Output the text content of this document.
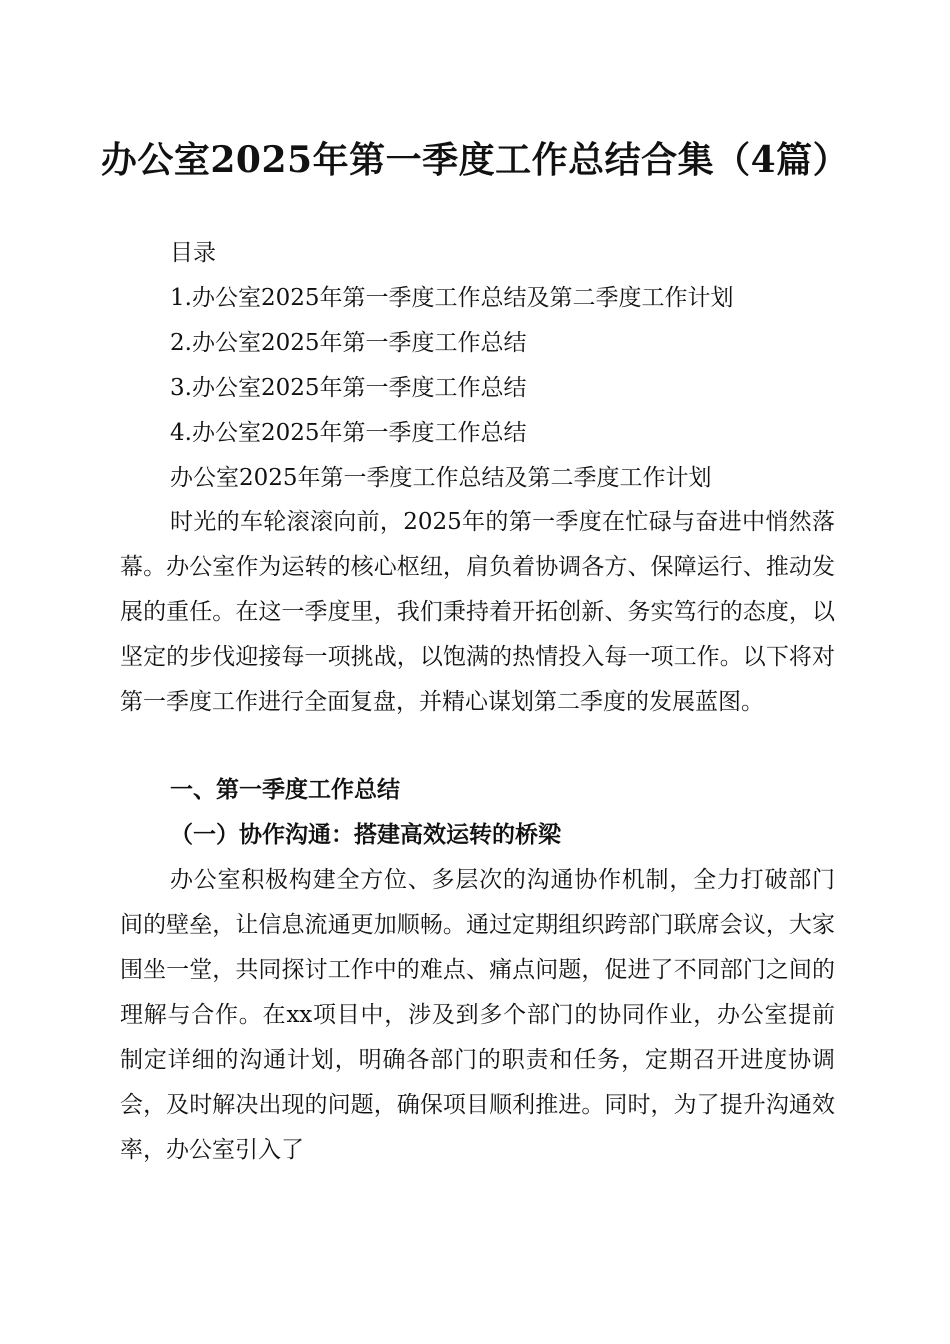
办公室2025年第一季度工作总结合集（4篇）
目录
1.办公室2025年第一季度工作总结及第二季度工作计划
2.办公室2025年第一季度工作总结
3.办公室2025年第一季度工作总结
4.办公室2025年第一季度工作总结
办公室2025年第一季度工作总结及第二季度工作计划
时光的车轮滚滚向前，2025年的第一季度在忙碌与奋进中悄然落幕。办公室作为运转的核心枢纽，肩负着协调各方、保障运行、推动发展的重任。在这一季度里，我们秉持着开拓创新、务实笃行的态度，以坚定的步伐迎接每一项挑战，以饱满的热情投入每一项工作。以下将对第一季度工作进行全面复盘，并精心谋划第二季度的发展蓝图。
一、第一季度工作总结
（一）协作沟通：搭建高效运转的桥梁
办公室积极构建全方位、多层次的沟通协作机制，全力打破部门间的壁垒，让信息流通更加顺畅。通过定期组织跨部门联席会议，大家围坐一堂，共同探讨工作中的难点、痛点问题，促进了不同部门之间的理解与合作。在xx项目中，涉及到多个部门的协同作业，办公室提前制定详细的沟通计划，明确各部门的职责和任务，定期召开进度协调会，及时解决出现的问题，确保项目顺利推进。同时，为了提升沟通效率，办公室引入了
